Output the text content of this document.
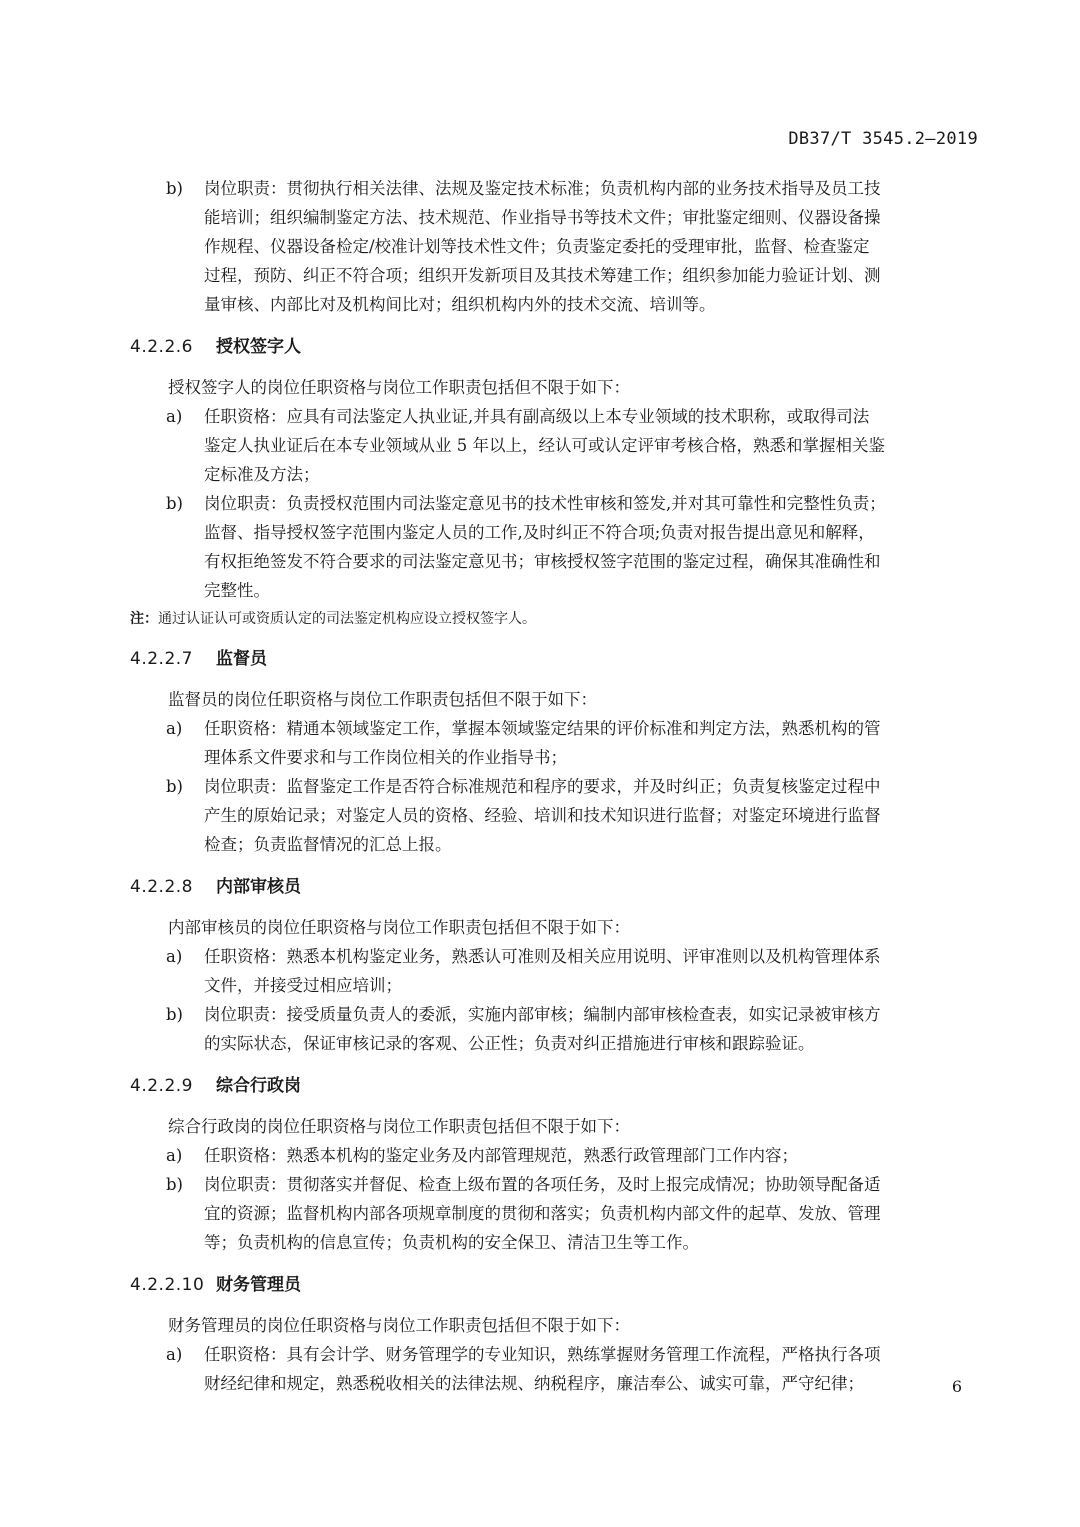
DB37/T 3545.2—2019
b)	岗位职责：贯彻执行相关法律、法规及鉴定技术标准；负责机构内部的业务技术指导及员工技
能培训；组织编制鉴定方法、技术规范、作业指导书等技术文件；审批鉴定细则、仪器设备操
作规程、仪器设备检定/校准计划等技术性文件；负责鉴定委托的受理审批，监督、检查鉴定
过程，预防、纠正不符合项；组织开发新项目及其技术筹建工作；组织参加能力验证计划、测
量审核、内部比对及机构间比对；组织机构内外的技术交流、培训等。
4.2.2.6	授权签字人
授权签字人的岗位任职资格与岗位工作职责包括但不限于如下：
a)	任职资格：应具有司法鉴定人执业证,并具有副高级以上本专业领域的技术职称，或取得司法
鉴定人执业证后在本专业领域从业 5 年以上，经认可或认定评审考核合格，熟悉和掌握相关鉴
定标准及方法；
b)	岗位职责：负责授权范围内司法鉴定意见书的技术性审核和签发,并对其可靠性和完整性负责；
监督、指导授权签字范围内鉴定人员的工作,及时纠正不符合项;负责对报告提出意见和解释，
有权拒绝签发不符合要求的司法鉴定意见书；审核授权签字范围的鉴定过程，确保其准确性和
完整性。
注：通过认证认可或资质认定的司法鉴定机构应设立授权签字人。
4.2.2.7	监督员
监督员的岗位任职资格与岗位工作职责包括但不限于如下：
a)	任职资格：精通本领域鉴定工作，掌握本领域鉴定结果的评价标准和判定方法，熟悉机构的管
理体系文件要求和与工作岗位相关的作业指导书；
b)	岗位职责：监督鉴定工作是否符合标准规范和程序的要求，并及时纠正；负责复核鉴定过程中
产生的原始记录；对鉴定人员的资格、经验、培训和技术知识进行监督；对鉴定环境进行监督
检查；负责监督情况的汇总上报。
4.2.2.8	内部审核员
内部审核员的岗位任职资格与岗位工作职责包括但不限于如下：
a)	任职资格：熟悉本机构鉴定业务，熟悉认可准则及相关应用说明、评审准则以及机构管理体系
文件，并接受过相应培训；
b)	岗位职责：接受质量负责人的委派，实施内部审核；编制内部审核检查表，如实记录被审核方
的实际状态，保证审核记录的客观、公正性；负责对纠正措施进行审核和跟踪验证。
4.2.2.9	综合行政岗
综合行政岗的岗位任职资格与岗位工作职责包括但不限于如下：
a)	任职资格：熟悉本机构的鉴定业务及内部管理规范，熟悉行政管理部门工作内容；
b)	岗位职责：贯彻落实并督促、检查上级布置的各项任务，及时上报完成情况；协助领导配备适
宜的资源；监督机构内部各项规章制度的贯彻和落实；负责机构内部文件的起草、发放、管理
等；负责机构的信息宣传；负责机构的安全保卫、清洁卫生等工作。
4.2.2.10 财务管理员
财务管理员的岗位任职资格与岗位工作职责包括但不限于如下：
a)	任职资格：具有会计学、财务管理学的专业知识，熟练掌握财务管理工作流程，严格执行各项
财经纪律和规定，熟悉税收相关的法律法规、纳税程序，廉洁奉公、诚实可靠，严守纪律；	6
